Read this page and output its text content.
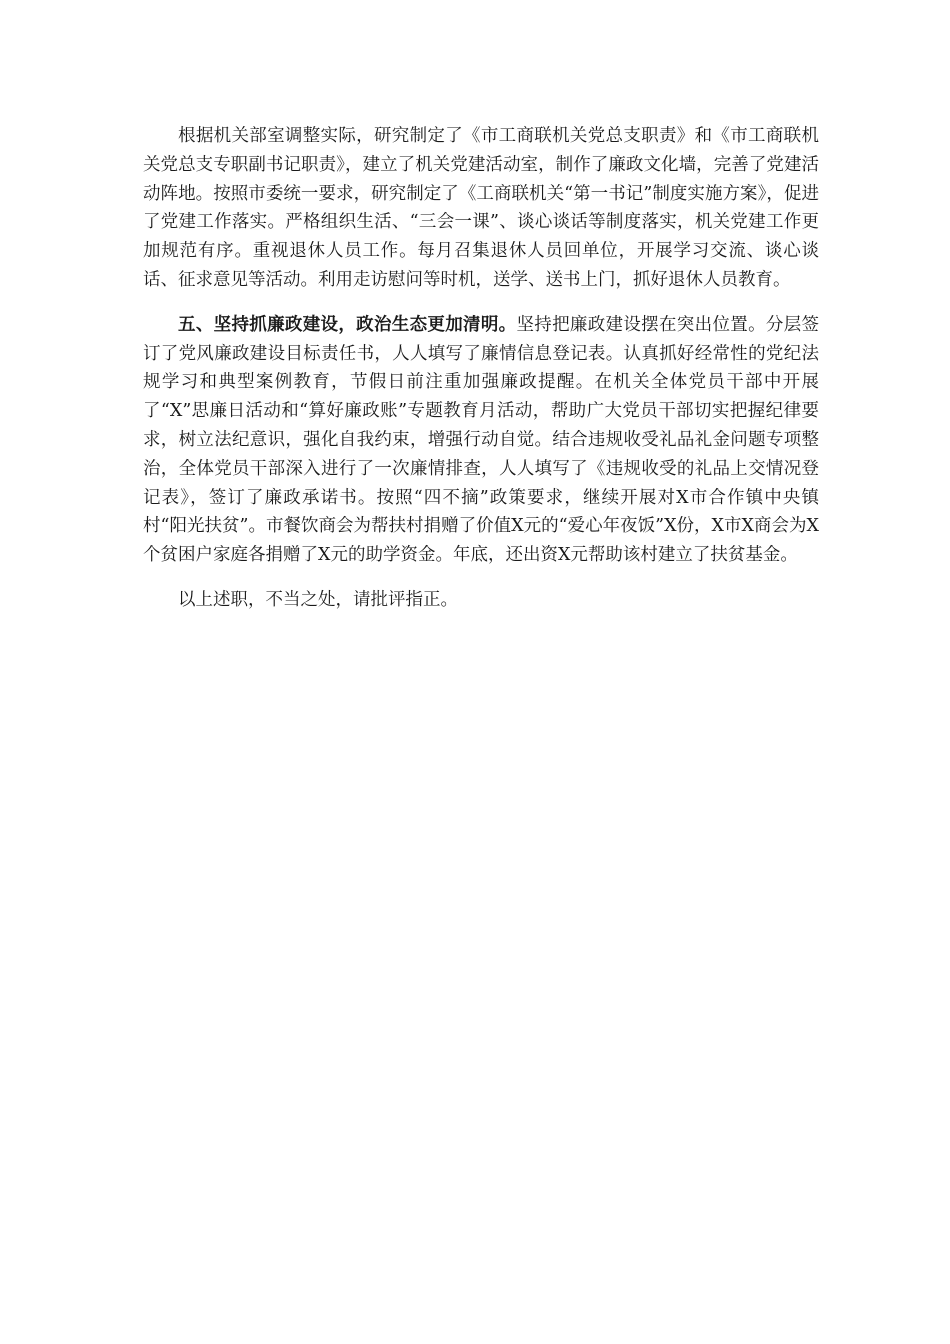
根据机关部室调整实际，研究制定了《市工商联机关党总支职责》和《市工商联机关党总支专职副书记职责》，建立了机关党建活动室，制作了廉政文化墙，完善了党建活动阵地。按照市委统一要求，研究制定了《工商联机关“第一书记”制度实施方案》，促进了党建工作落实。严格组织生活、“三会一课”、谈心谈话等制度落实，机关党建工作更加规范有序。重视退休人员工作。每月召集退休人员回单位，开展学习交流、谈心谈话、征求意见等活动。利用走访慰问等时机，送学、送书上门，抓好退休人员教育。

五、坚持抓廉政建设，政治生态更加清明。坚持把廉政建设摆在突出位置。分层签订了党风廉政建设目标责任书，人人填写了廉情信息登记表。认真抓好经常性的党纪法规学习和典型案例教育，节假日前注重加强廉政提醒。在机关全体党员干部中开展了“X”思廉日活动和“算好廉政账”专题教育月活动，帮助广大党员干部切实把握纪律要求，树立法纪意识，强化自我约束，增强行动自觉。结合违规收受礼品礼金问题专项整治，全体党员干部深入进行了一次廉情排查，人人填写了《违规收受的礼品上交情况登记表》，签订了廉政承诺书。按照“四不摘”政策要求，继续开展对X市合作镇中央镇村“阳光扶贫”。市餐饮商会为帮扶村捐赠了价值X元的“爱心年夜饭”X份，X市X商会为X个贫困户家庭各捐赠了X元的助学资金。年底，还出资X元帮助该村建立了扶贫基金。

以上述职，不当之处，请批评指正。
